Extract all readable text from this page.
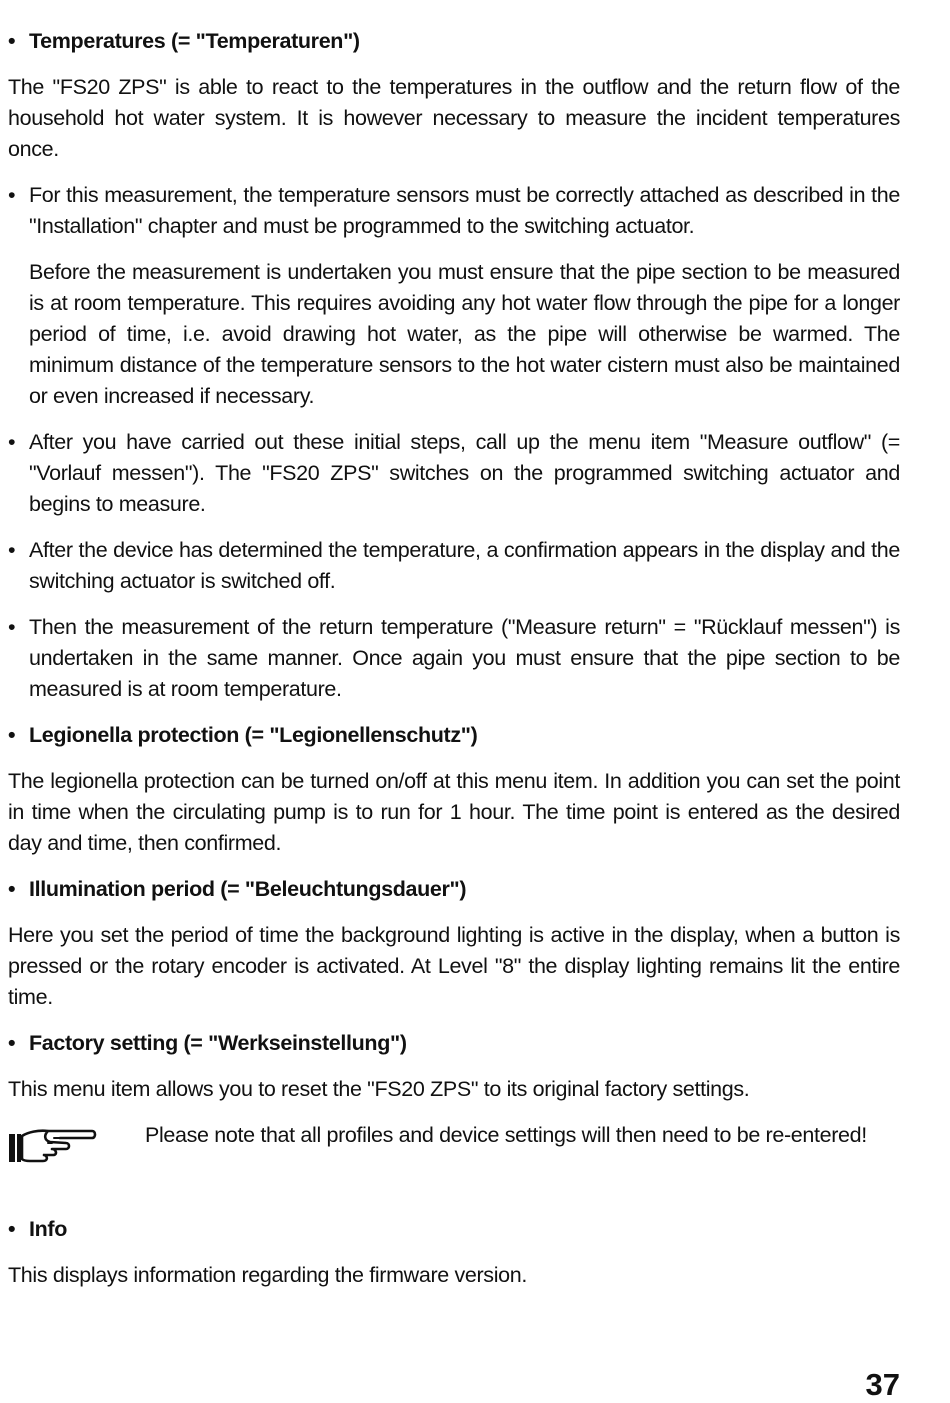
• Temperatures (= "Temperaturen")

The "FS20 ZPS" is able to react to the temperatures in the outflow and the return flow of the household hot water system. It is however necessary to measure the incident temperatures once.

• For this measurement, the temperature sensors must be correctly attached as described in the "Installation" chapter and must be programmed to the switching actuator.

Before the measurement is undertaken you must ensure that the pipe section to be measured is at room temperature. This requires avoiding any hot water flow through the pipe for a longer period of time, i.e. avoid drawing hot water, as the pipe will otherwise be warmed. The minimum distance of the temperature sensors to the hot water cistern must also be maintained or even increased if necessary.

• After you have carried out these initial steps, call up the menu item "Measure outflow" (= "Vorlauf messen"). The "FS20 ZPS" switches on the programmed switching actuator and begins to measure.
• After the device has determined the temperature, a confirmation appears in the display and the switching actuator is switched off.
• Then the measurement of the return temperature ("Measure return" = "Rücklauf messen") is undertaken in the same manner. Once again you must ensure that the pipe section to be measured is at room temperature.
• Legionella protection (= "Legionellenschutz")

The legionella protection can be turned on/off at this menu item. In addition you can set the point in time when the circulating pump is to run for 1 hour. The time point is entered as the desired day and time, then confirmed.

• Illumination period (= "Beleuchtungsdauer")

Here you set the period of time the background lighting is active in the display, when a button is pressed or the rotary encoder is activated. At Level "8" the display lighting remains lit the entire time.

• Factory setting (= "Werkseinstellung")

This menu item allows you to reset the "FS20 ZPS" to its original factory settings.

Please note that all profiles and device settings will then need to be re-entered!
• Info

This displays information regarding the firmware version.

37
